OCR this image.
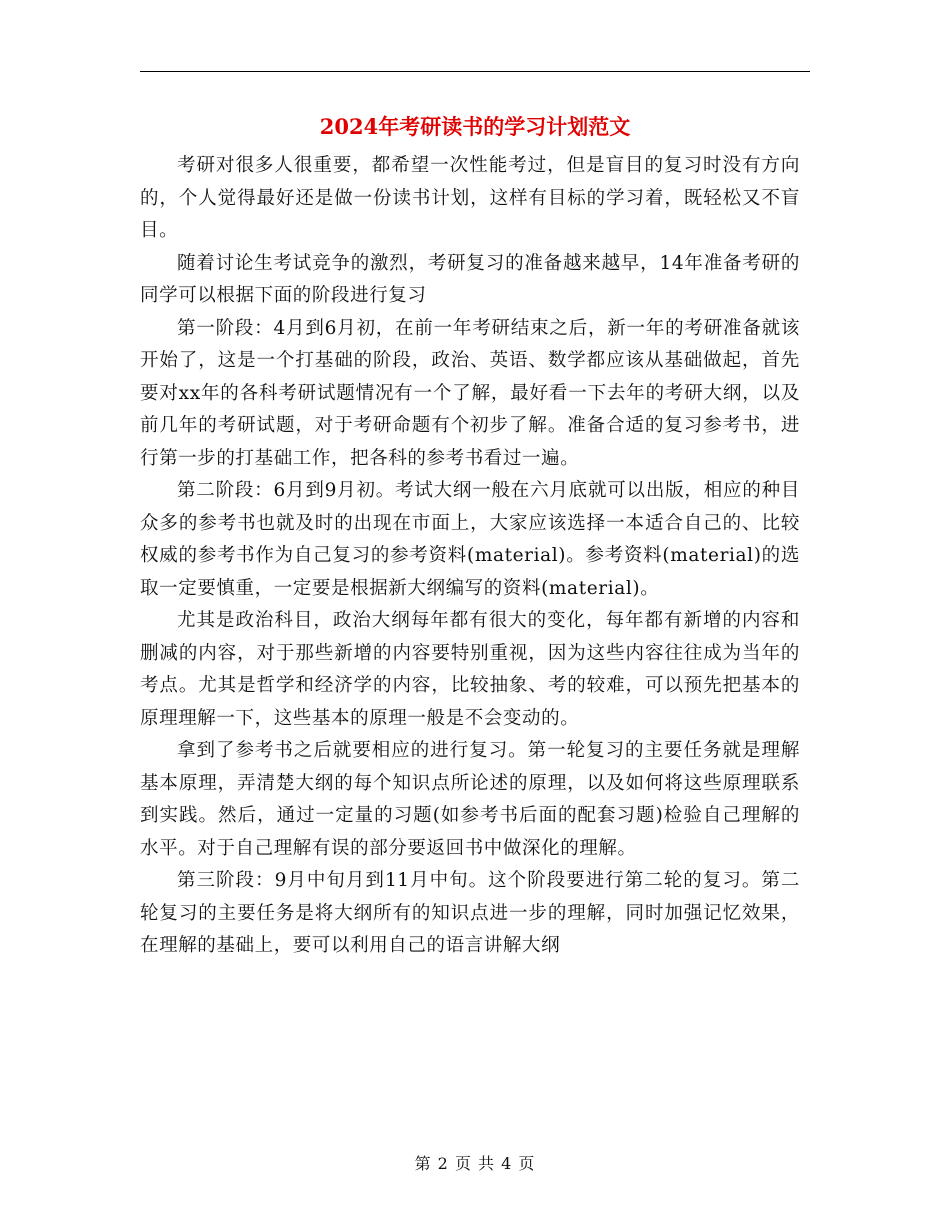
2024年考研读书的学习计划范文

考研对很多人很重要，都希望一次性能考过，但是盲目的复习时没有方向的，个人觉得最好还是做一份读书计划，这样有目标的学习着，既轻松又不盲目。

随着讨论生考试竞争的激烈，考研复习的准备越来越早，14年准备考研的同学可以根据下面的阶段进行复习

第一阶段：4月到6月初，在前一年考研结束之后，新一年的考研准备就该开始了，这是一个打基础的阶段，政治、英语、数学都应该从基础做起，首先要对xx年的各科考研试题情况有一个了解，最好看一下去年的考研大纲，以及前几年的考研试题，对于考研命题有个初步了解。准备合适的复习参考书，进行第一步的打基础工作，把各科的参考书看过一遍。

第二阶段：6月到9月初。考试大纲一般在六月底就可以出版，相应的种目众多的参考书也就及时的出现在市面上，大家应该选择一本适合自己的、比较权威的参考书作为自己复习的参考资料(material)。参考资料(material)的选取一定要慎重，一定要是根据新大纲编写的资料(material)。

尤其是政治科目，政治大纲每年都有很大的变化，每年都有新增的内容和删减的内容，对于那些新增的内容要特别重视，因为这些内容往往成为当年的考点。尤其是哲学和经济学的内容，比较抽象、考的较难，可以预先把基本的原理理解一下，这些基本的原理一般是不会变动的。

拿到了参考书之后就要相应的进行复习。第一轮复习的主要任务就是理解基本原理，弄清楚大纲的每个知识点所论述的原理，以及如何将这些原理联系到实践。然后，通过一定量的习题(如参考书后面的配套习题)检验自己理解的水平。对于自己理解有误的部分要返回书中做深化的理解。

第三阶段：9月中旬月到11月中旬。这个阶段要进行第二轮的复习。第二轮复习的主要任务是将大纲所有的知识点进一步的理解，同时加强记忆效果，在理解的基础上，要可以利用自己的语言讲解大纲

第 2 页 共 4 页
